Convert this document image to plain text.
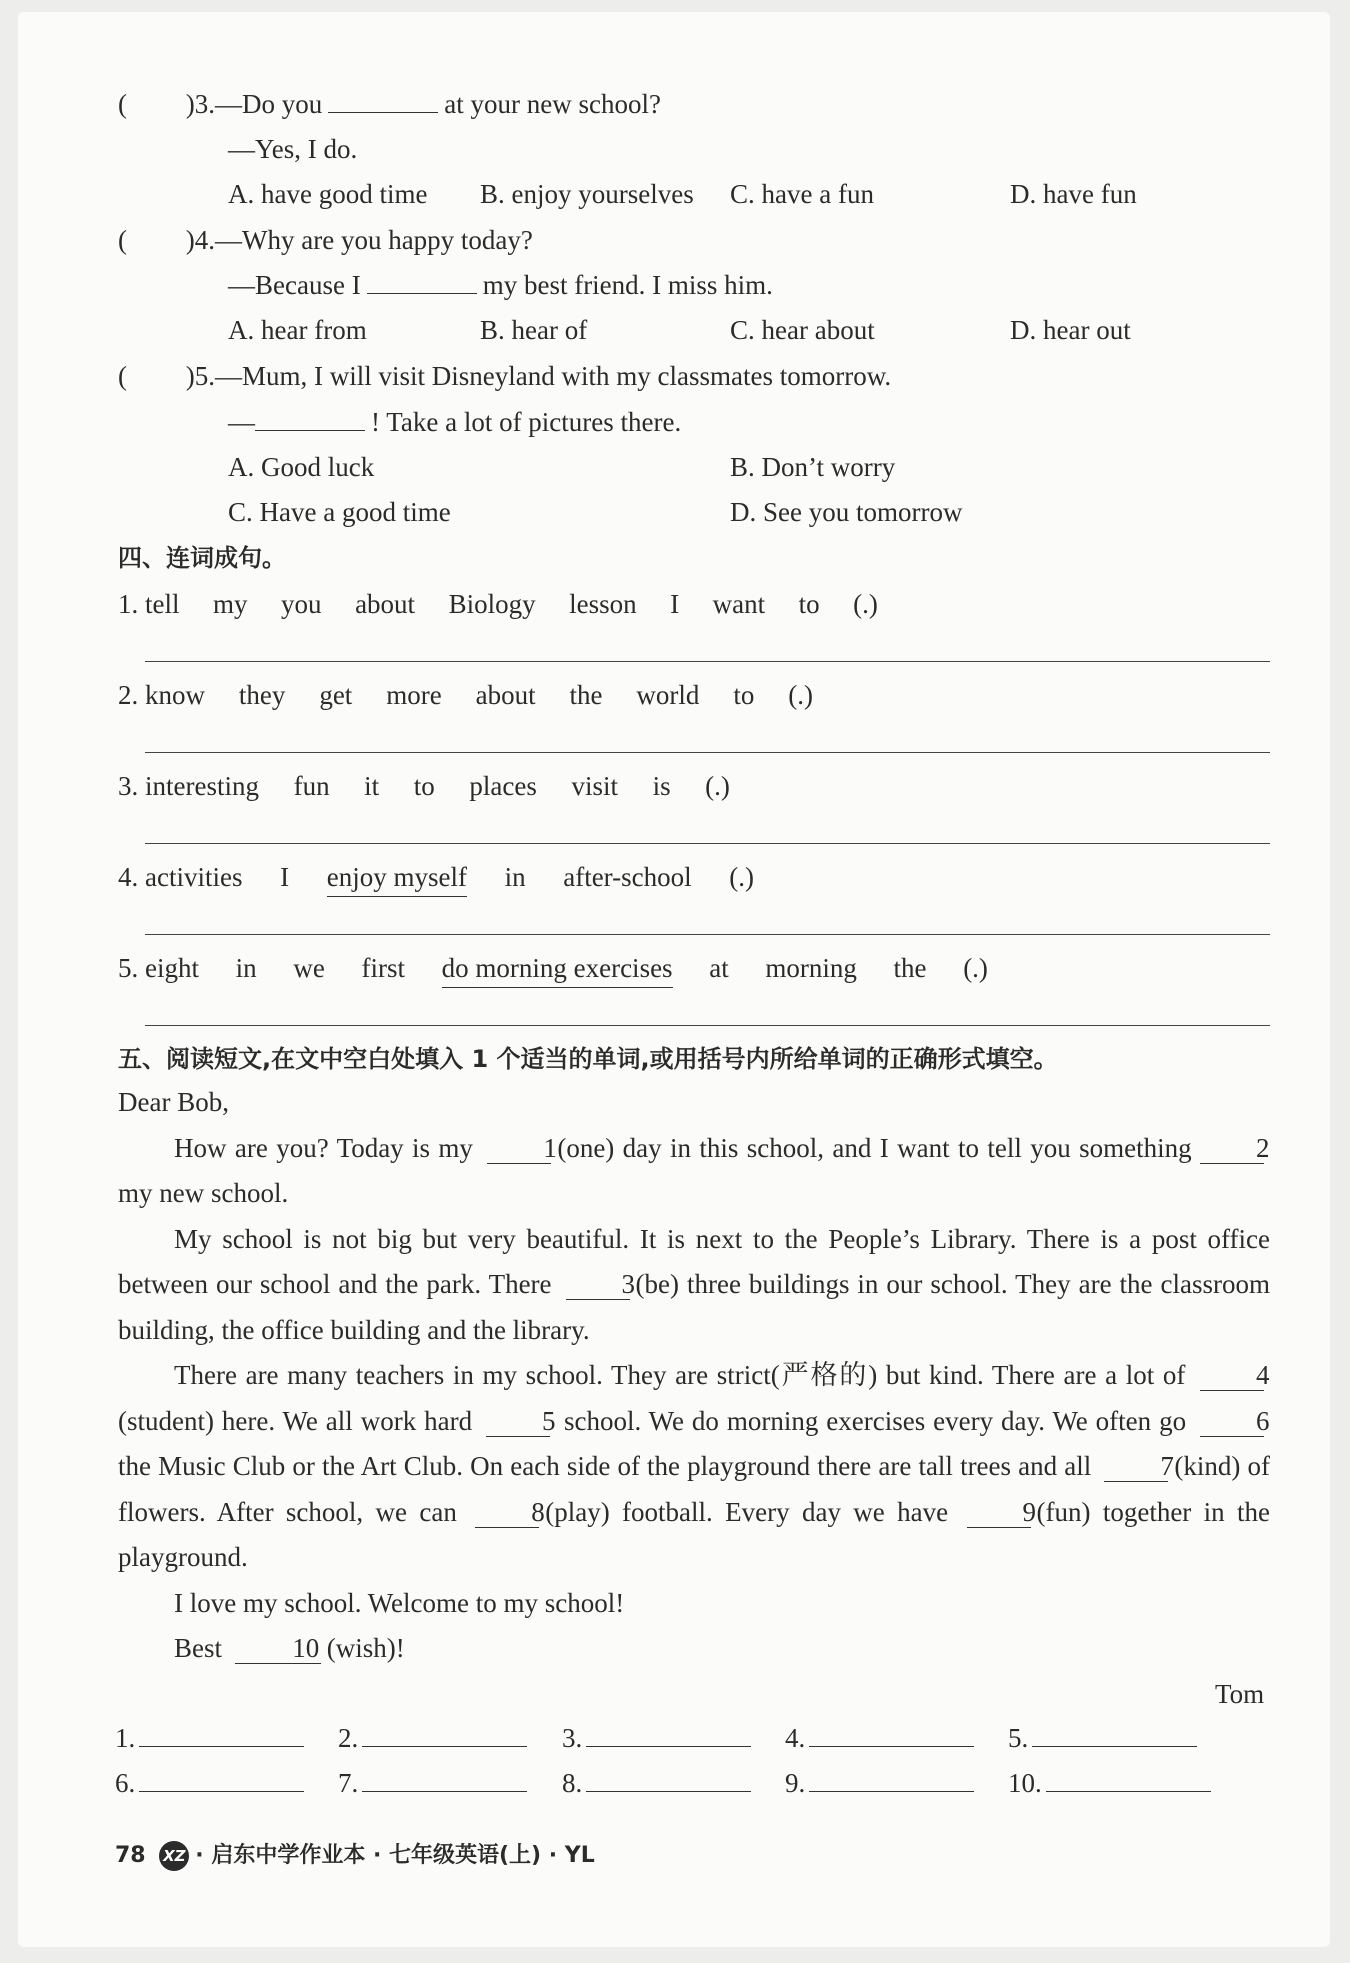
( )3.—Do you	at your new school?
—Yes, I do.
A. have good time B. enjoy yourselves C. have a fun	D. have fun
( )4.—Why are you happy today?
—Because I	my best friend. I miss him.
A. hear from	B. hear of	C. hear about	D. hear out
( )5.—Mum, I will visit Disneyland with my classmates tomorrow.
—	! Take a lot of pictures there.
A. Good luck	B. Don’t worry
C. Have a good time	D. See you tomorrow
四、连词成句。
1. tell my you about Biology lesson I want to (.)
2. know they get more about the world to (.)
3. interesting fun it to places visit is (.)
4. activities I enjoy myself in after-school (.)
5. eight in we first do morning exercises at morning the (.)
五、阅读短文,在文中空白处填入 1 个适当的单词,或用括号内所给单词的正确形式填空。

Dear Bob,

How are you? Today is my	1(one) day in this school, and I want to tell you something 2 my new school.

My school is not big but very beautiful. It is next to the People’s Library. There is a post office between our school and the park. There	3(be) three buildings in our school. They are the classroom building, the office building and the library.

There are many teachers in my school. They are strict(严格的) but kind. There are a lot of	4(student) here. We all work hard	5 school. We do morning exercises every day. We often go	6 the Music Club or the Art Club. On each side of the playground there are tall trees and all	7(kind) of flowers. After school, we can	8(play) football. Every day we have	9(fun) together in the playground.

I love my school. Welcome to my school!

Best	10 (wish)!

Tom
1.	2.	3.	4.	5.
6.	7.	8.	9.	10.
78 XZ · 启东中学作业本 · 七年级英语(上) · YL
